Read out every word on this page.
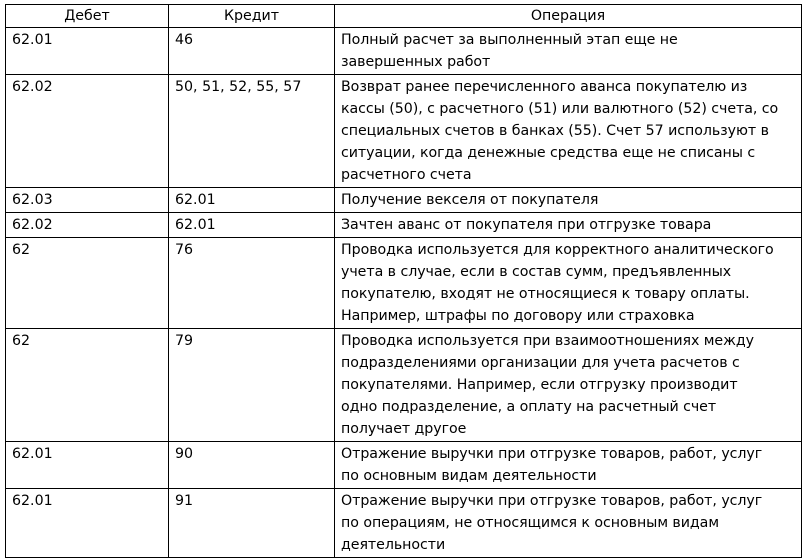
Дебет	Кредит	Операция
62.01	46	Полный расчет за выполненный этап еще не
завершенных работ
62.02	50, 51, 52, 55, 57	Возврат ранее перечисленного аванса покупателю из
кассы (50), с расчетного (51) или валютного (52) счета, со
специальных счетов в банках (55). Счет 57 используют в
ситуации, когда денежные средства еще не списаны с
расчетного счета
62.03	62.01	Получение векселя от покупателя
62.02	62.01	Зачтен аванс от покупателя при отгрузке товара
62	76	Проводка используется для корректного аналитического
учета в случае, если в состав сумм, предъявленных
покупателю, входят не относящиеся к товару оплаты.
Например, штрафы по договору или страховка
62	79	Проводка используется при взаимоотношениях между
подразделениями организации для учета расчетов с
покупателями. Например, если отгрузку производит
одно подразделение, а оплату на расчетный счет
получает другое
62.01	90	Отражение выручки при отгрузке товаров, работ, услуг
по основным видам деятельности
62.01	91	Отражение выручки при отгрузке товаров, работ, услуг
по операциям, не относящимся к основным видам
деятельности
